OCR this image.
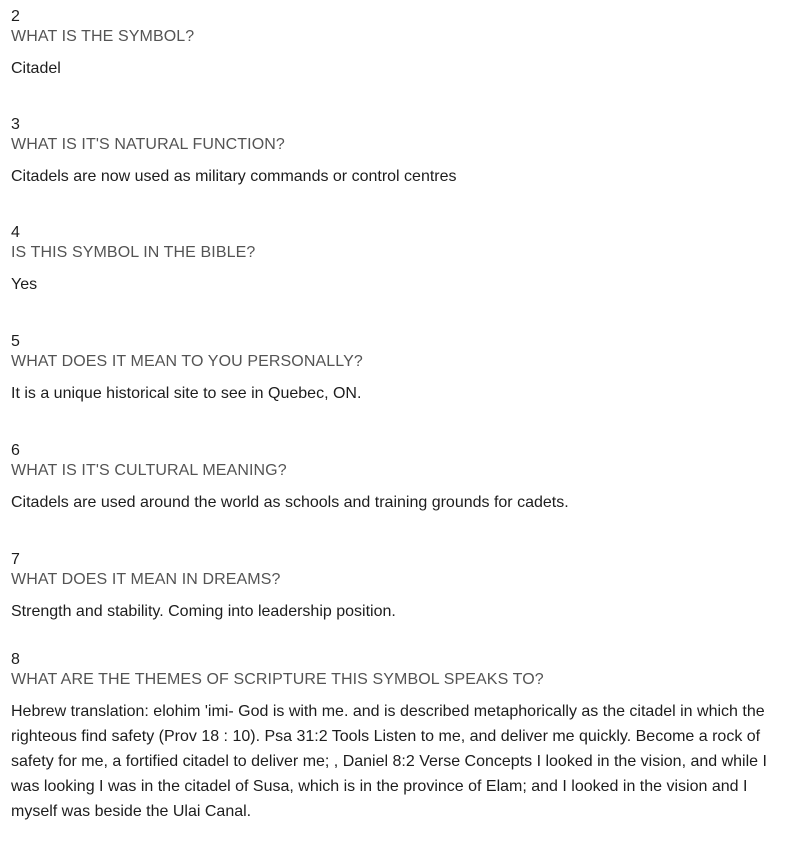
2
WHAT IS THE SYMBOL?
Citadel
3
WHAT IS IT'S NATURAL FUNCTION?
Citadels are now used as military commands or control centres
4
IS THIS SYMBOL IN THE BIBLE?
Yes
5
WHAT DOES IT MEAN TO YOU PERSONALLY?
It is a unique historical site to see in Quebec, ON.
6
WHAT IS IT'S CULTURAL MEANING?
Citadels are used around the world as schools and training grounds for cadets.
7
WHAT DOES IT MEAN IN DREAMS?
Strength and stability. Coming into leadership position.
8
WHAT ARE THE THEMES OF SCRIPTURE THIS SYMBOL SPEAKS TO?
Hebrew translation: elohim 'imi- God is with me. and is described metaphorically as the citadel in which the righteous find safety (Prov 18 : 10). Psa 31:2 Tools Listen to me, and deliver me quickly. Become a rock of safety for me, a fortified citadel to deliver me; , Daniel 8:2 Verse Concepts I looked in the vision, and while I was looking I was in the citadel of Susa, which is in the province of Elam; and I looked in the vision and I myself was beside the Ulai Canal.
